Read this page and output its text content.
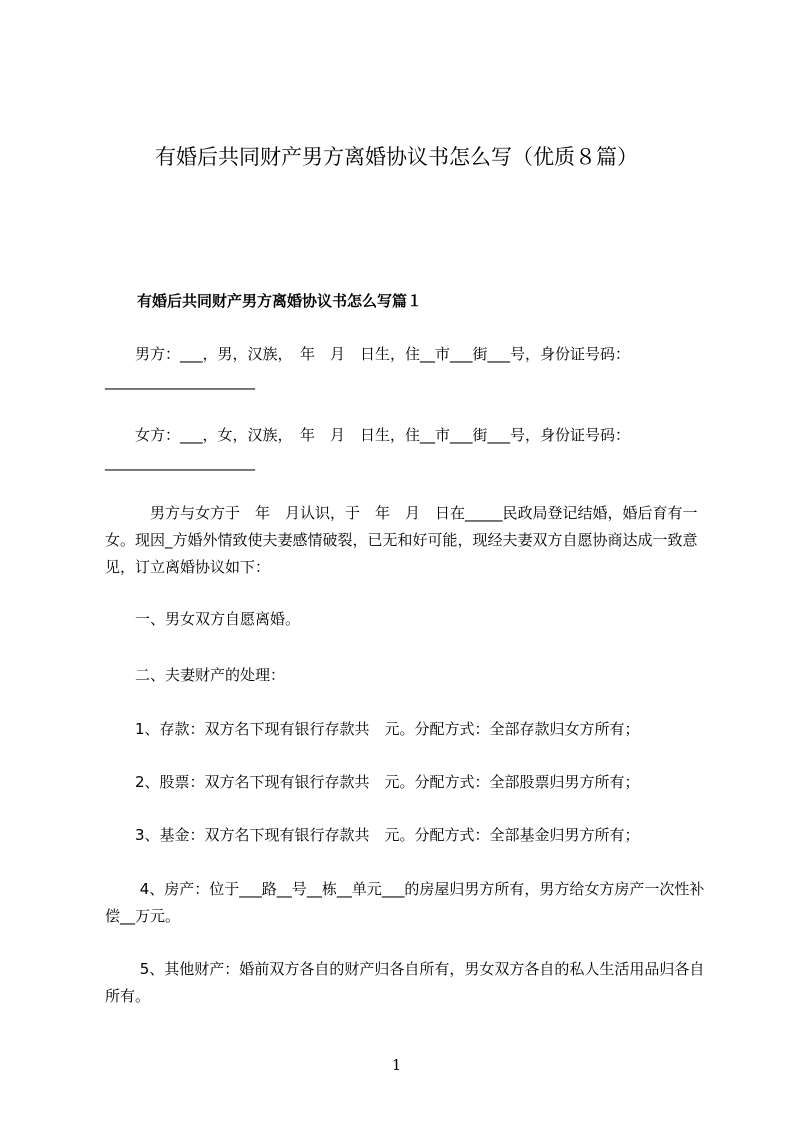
有婚后共同财产男方离婚协议书怎么写（优质８篇）
有婚后共同财产男方离婚协议书怎么写篇１

　　男方：___，男，汉族，　年　月　日生，住__市___街___号，身份证号码：____________________

　　女方：___，女，汉族，　年　月　日生，住__市___街___号，身份证号码：____________________

　　　男方与女方于　年　月认识，于　年　月　日在_____民政局登记结婚，婚后育有一女。现因_方婚外情致使夫妻感情破裂，已无和好可能，现经夫妻双方自愿协商达成一致意见，订立离婚协议如下：

　　一、男女双方自愿离婚。

　　二、夫妻财产的处理：

　　1、存款：双方名下现有银行存款共　元。分配方式：全部存款归女方所有；

　　2、股票：双方名下现有银行存款共　元。分配方式：全部股票归男方所有；

　　3、基金：双方名下现有银行存款共　元。分配方式：全部基金归男方所有；

　　 4、房产：位于___路__号__栋__单元___的房屋归男方所有，男方给女方房产一次性补偿__万元。

　　 5、其他财产：婚前双方各自的财产归各自所有，男女双方各自的私人生活用品归各自所有。

1
